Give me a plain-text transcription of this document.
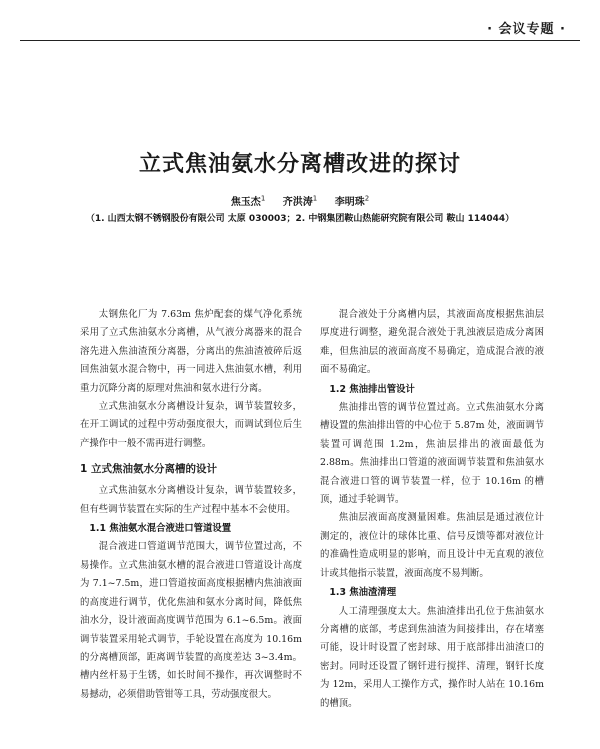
· 会议专题 ·
立式焦油氨水分离槽改进的探讨
焦玉杰$^1$ 齐洪涛$^1$ 李明珠$^2$
（1. 山西太钢不锈钢股份有限公司 太原 030003；2. 中钢集团鞍山热能研究院有限公司 鞍山 114044）

太钢焦化厂为 7.63m 焦炉配套的煤气净化系统采用了立式焦油氨水分离槽，从气液分离器来的混合溶先进入焦油渣预分离器，分离出的焦油渣被碎后返回焦油氨水混合物中，再一同进入焦油氨水槽，利用重力沉降分离的原理对焦油和氨水进行分离。

立式焦油氨水分离槽设计复杂，调节装置较多，在开工调试的过程中劳动强度很大，而调试到位后生产操作中一般不需再进行调整。

1 立式焦油氨水分离槽的设计

立式焦油氨水分离槽设计复杂，调节装置较多，但有些调节装置在实际的生产过程中基本不会使用。

1.1 焦油氨水混合液进口管道设置

混合液进口管道调节范围大，调节位置过高，不易操作。立式焦油氨水槽的混合液进口管道设计高度为 7.1~7.5m，进口管道按面高度根据槽内焦油液面的高度进行调节，优化焦油和氨水分离时间，降低焦油水分，设计液面高度调节范围为 6.1~6.5m。液面调节装置采用轮式调节，手轮设置在高度为 10.16m 的分离槽顶部，距离调节装置的高度差达 3~3.4m。槽内丝杆易于生锈，如长时间不操作，再次调整时不易撼动，必须借助管钳等工具，劳动强度很大。

混合液处于分离槽内层，其液面高度根据焦油层厚度进行调整，避免混合液处于乳浊液层造成分离困难，但焦油层的液面高度不易确定，造成混合液的液面不易确定。

1.2 焦油排出管设计

焦油排出管的调节位置过高。立式焦油氨水分离槽设置的焦油排出管的中心位于 5.87m 处，液面调节装置可调范围 1.2m，焦油层排出的液面最低为 2.88m。焦油排出口管道的液面调节装置和焦油氨水混合液进口管的调节装置一样，位于 10.16m 的槽顶，通过手轮调节。

焦油层液面高度测量困难。焦油层是通过液位计测定的，液位计的球体比重、信号反馈等都对液位计的准确性造成明显的影响，而且设计中无直观的液位计或其他指示装置，液面高度不易判断。

1.3 焦油渣清理

人工清理强度太大。焦油渣排出孔位于焦油氨水分离槽的底部，考虑到焦油渣为间接排出，存在堵塞可能，设计时设置了密封球、用于底部排出油渣口的密封。同时还设置了钢钎进行搅拌、清理，钢钎长度为 12m，采用人工操作方式，操作时人站在 10.16m 的槽顶。
